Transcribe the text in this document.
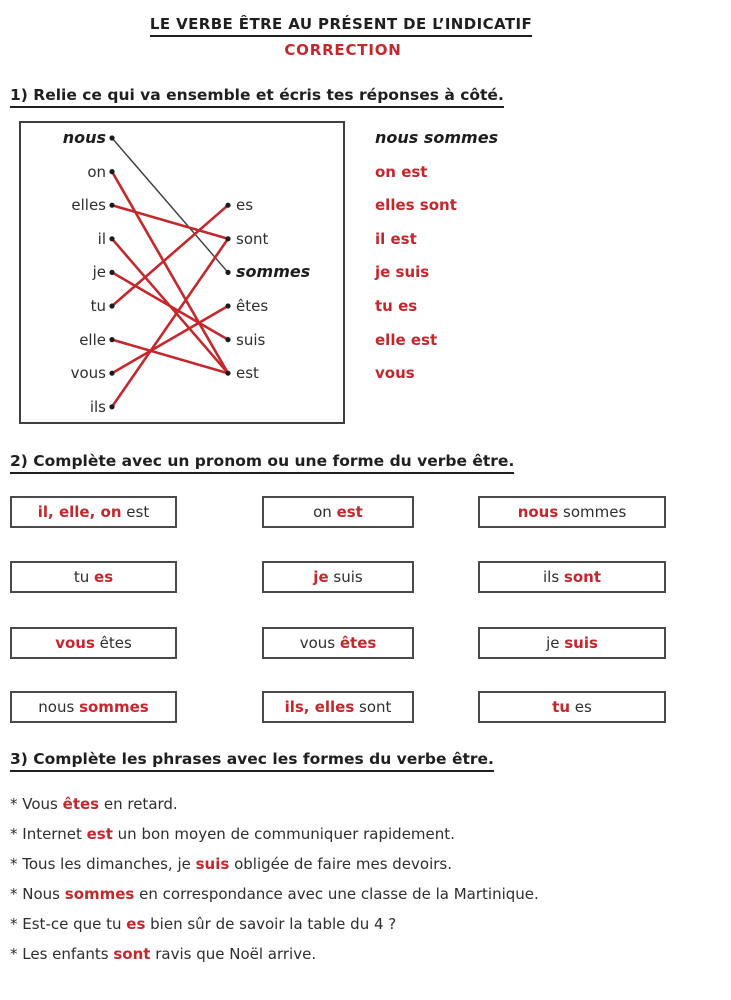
LE VERBE ÊTRE AU PRÉSENT DE L’INDICATIF
CORRECTION
1) Relie ce qui va ensemble et écris tes réponses à côté.
nous
on
elles
il
je
tu
elle
vous
ils
es
sont
sommes
êtes
suis
est
nous sommes
on est
elles sont
il est
je suis
tu es
elle est
vous
2) Complète avec un pronom ou une forme du verbe être.
il, elle, on est	on est	nous sommes
tu es	je suis	ils sont
vous êtes	vous êtes	je suis
nous sommes	ils, elles sont	tu es
3) Complète les phrases avec les formes du verbe être.
* Vous êtes en retard.
* Internet est un bon moyen de communiquer rapidement.
* Tous les dimanches, je suis obligée de faire mes devoirs.
* Nous sommes en correspondance avec une classe de la Martinique.
* Est-ce que tu es bien sûr de savoir la table du 4 ?
* Les enfants sont ravis que Noël arrive.
